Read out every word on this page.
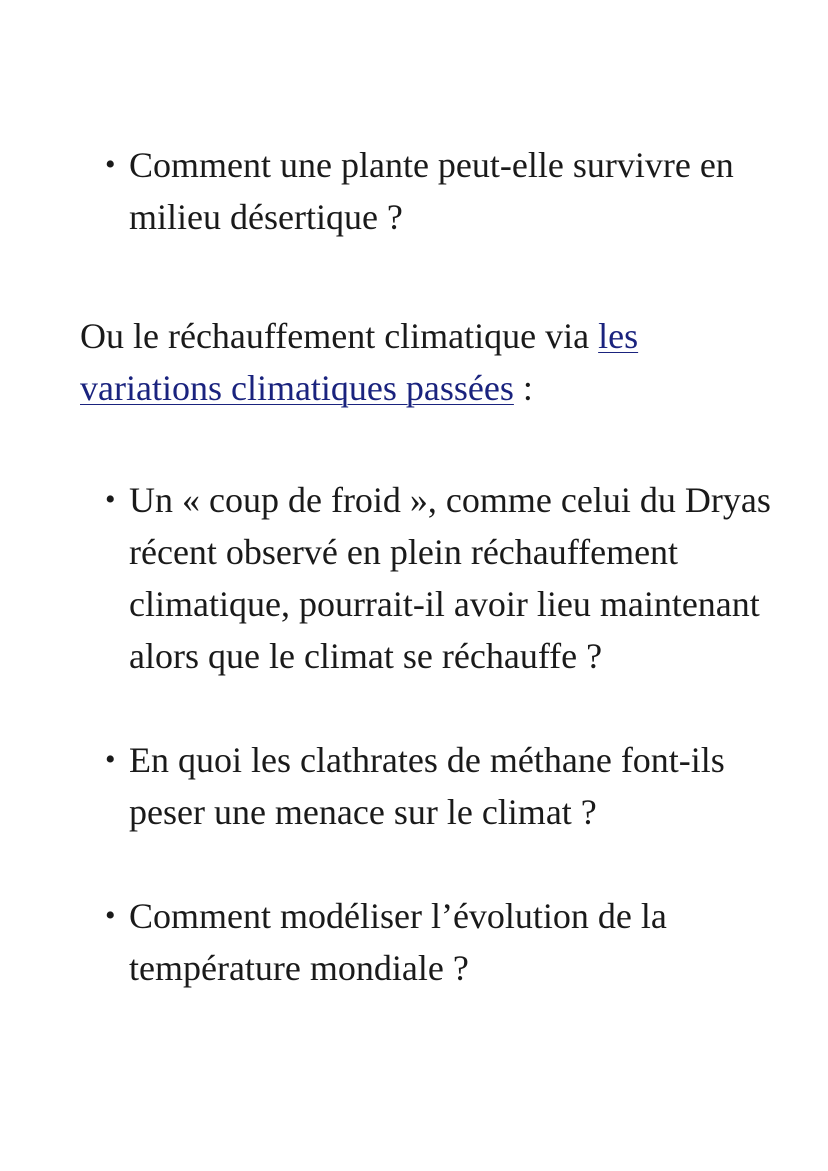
• Comment une plante peut-elle survivre en milieu désertique ?

Ou le réchauffement climatique via les variations climatiques passées :

• Un « coup de froid », comme celui du Dryas récent observé en plein réchauffement climatique, pourrait-il avoir lieu maintenant alors que le climat se réchauffe ?
• En quoi les clathrates de méthane font-ils peser une menace sur le climat ?
• Comment modéliser l’évolution de la température mondiale ?
